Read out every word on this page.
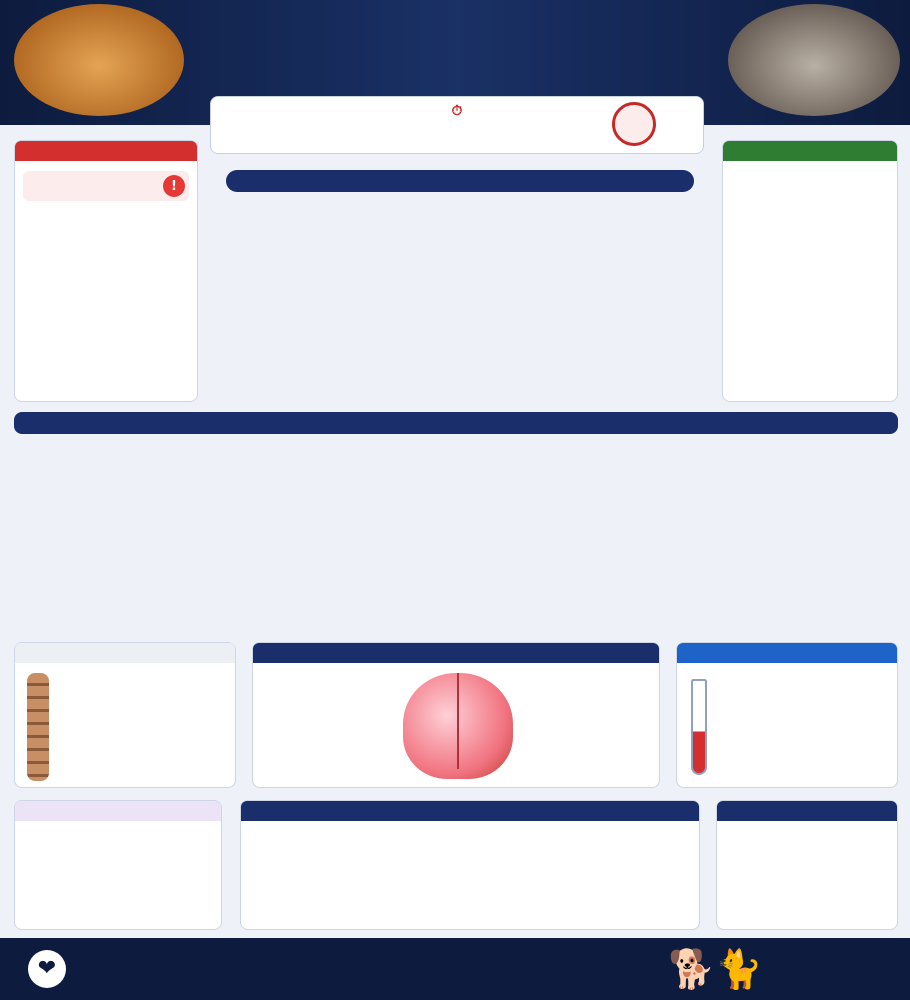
⏱
!
❤	🐕🐈
